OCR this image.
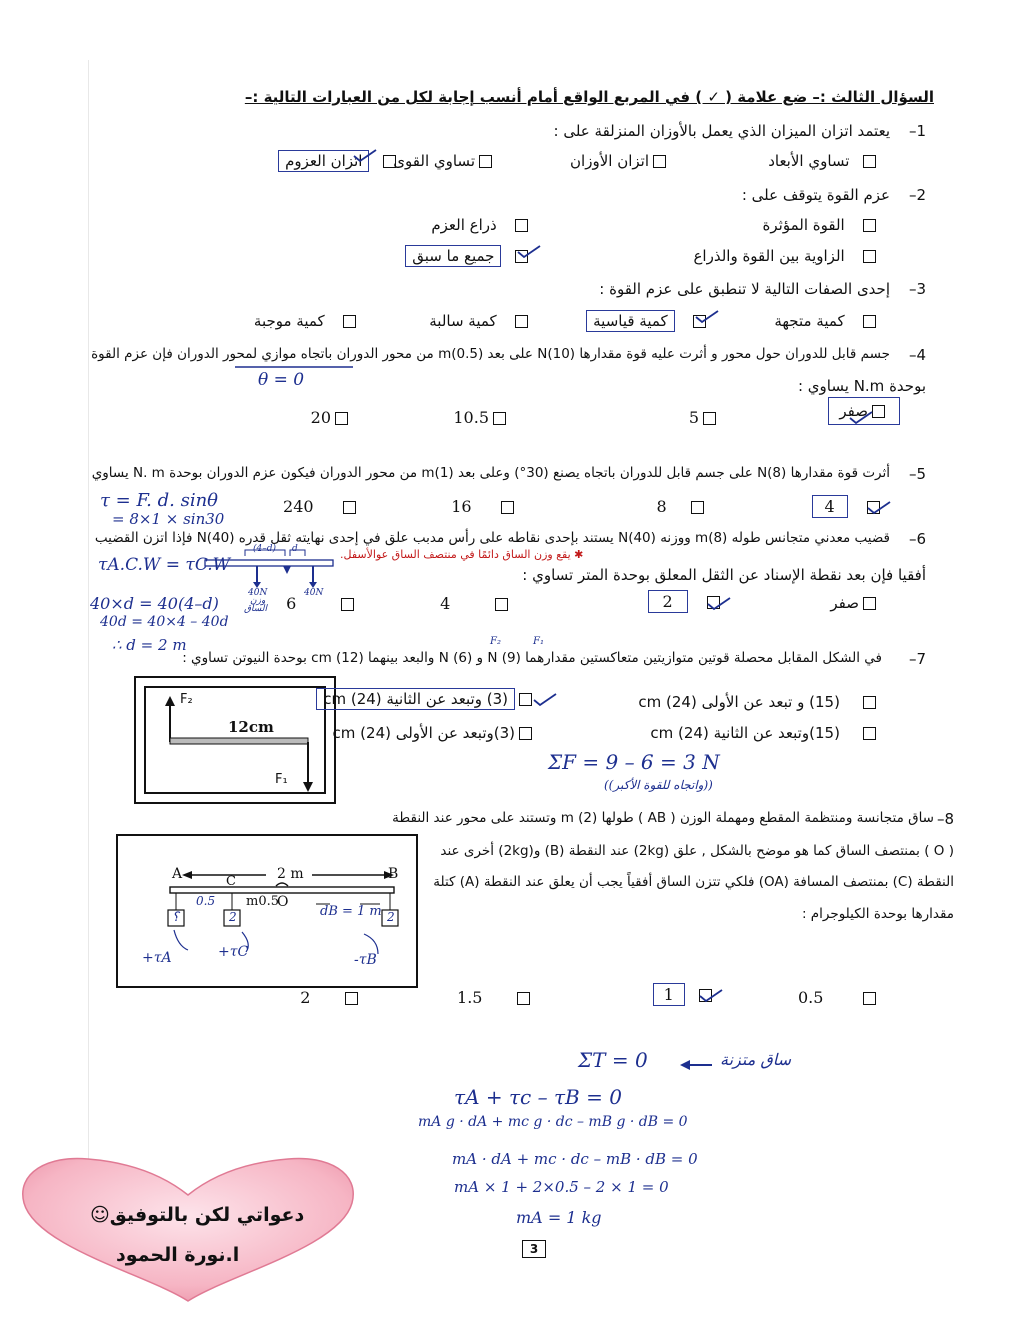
السؤال الثالث :– ضع علامة ( ✓ ) في المربع الواقع أمام أنسب إجابة لكل من العبارات التالية :–
1–
يعتمد اتزان الميزان الذي يعمل بالأوزان المنزلقة على :
تساوي الأبعاد
اتزان الأوزان
تساوي القوى
اتزان العزوم
2–
عزم القوة يتوقف على :
القوة المؤثرة
ذراع العزم
الزاوية بين القوة والذراع
جميع ما سبق
3–
إحدى الصفات التالية لا تنطبق على عزم القوة :
كمية متجهة
كمية قياسية
كمية سالبة
كمية موجبة
4–
جسم قابل للدوران حول محور و أثرت عليه قوة مقدارها N(10) على بعد m(0.5) من محور الدوران باتجاه موازي لمحور الدوران فإن عزم القوة
θ = 0	بوحدة N.m يساوي :
صفر
5
10.5
20
5–
أثرت قوة مقدارها N(8) على جسم قابل للدوران باتجاه يصنع (30°) وعلى بعد m(1) من محور الدوران فيكون عزم الدوران بوحدة N. m يساوي
4
8
16
240
τ = F. d. sinθ
= 8×1 × sin30
6–
قضيب معدني متجانس طوله m(8) ووزنه N(40) يستند بإحدى نقاطه على رأس مدبب علق في إحدى نهايته ثقل قدره N(40) فإذا اتزن القضيب
✱ يقع وزن الساق دائمًا في منتصف الساق عوالأسفل.
أفقيا فإن بعد نقطة الإسناد عن الثقل المعلق بوحدة المتر تساوي :
(4–d) d
40N
وزن
الساق
40N
τA.C.W = τC.W
40×d = 40(4–d)
40d = 40×4 – 40d
∴ d = 2 m
صفر
2
4
6
7–
في الشكل المقابل محصلة قوتين متوازيتين متعاكستين مقدارهما N (9) و N (6) والبعد بينهما cm (12) بوحدة النيوتن تساوي :
F₂	F₁
F₂
F₁
12cm
(15) و تبعد عن الأولى cm (24)
(3) وتبعد عن الثانية cm (24)
(15)وتبعد عن الثانية cm (24)
(3)وتبعد عن الأولى cm (24)
ΣF = 9 – 6 = 3 N
((واتجاه للقوة الأكبر))
8–
ساق متجانسة ومنتظمة المقطع ومهملة الوزن ( AB ) طولها m (2) وتستند على محور عند النقطة
( O ) بمنتصف الساق كما هو موضح بالشكل , علق (2kg) عند النقطة (B) و(2kg) أخرى عند
النقطة (C) بمنتصف المسافة (OA) فلكي تتزن الساق أفقياً يجب أن يعلق عند النقطة (A) كتلة
مقدارها بوحدة الكيلوجرام :
A	B
C	2 m
0.5 m0.5
O
dB = 1 m
؟	2	2
+τA	+τC	-τB
0.5
1
1.5
2
ΣT = 0	ساق متزنة
τA + τc – τB = 0
mA g · dA + mc g · dc – mB g · dB = 0
mA · dA + mc · dc – mB · dB = 0
mA × 1 + 2×0.5 – 2 × 1 = 0
mA = 1 kg
3
دعواتي لكن بالتوفيق☺
ا.نورة الحمود
